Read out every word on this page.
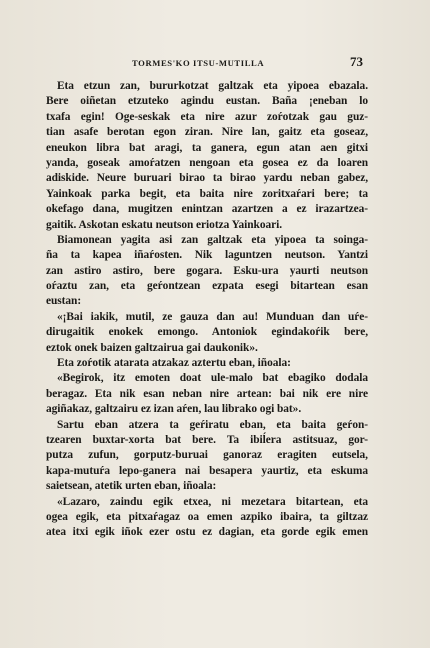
TORMES'KO ITSU-MUTILLA	73
Eta etzun zan, bururkotzat galtzak eta yipoea ebazala.
Bere oiñetan etzuteko agindu eustan. Baña ¡eneban lo
txafa egin! Oge-seskak eta nire azur zoŕotzak gau guz-
tian asafe berotan egon ziran. Nire lan, gaitz eta goseaz,
eneukon libra bat aragi, ta ganera, egun atan aen gitxi
yanda, goseak amoŕatzen nengoan eta gosea ez da loaren
adiskide. Neure buruari birao ta birao yardu neban gabez,
Yainkoak parka begit, eta baita nire zoritxaŕari bere; ta
okefago dana, mugitzen enintzan azartzen a ez irazartzea-
gaitik. Askotan eskatu neutson eriotza Yainkoari.
Biamonean yagita asi zan galtzak eta yipoea ta soinga-
ña ta kapea iñaŕosten. Nik laguntzen neutson. Yantzi
zan astiro astiro, bere gogara. Esku-ura yaurti neutson
oŕaztu zan, eta geŕontzean ezpata esegi bitartean esan
eustan:
«¡Bai iakik, mutil, ze gauza dan au! Munduan dan uŕe-
dirugaitik enokek emongo. Antoniok egindakoŕik bere,
eztok onek baizen galtzairua gai daukonik».
Eta zoŕotik atarata atzakaz aztertu eban, iñoala:
«Begirok, itz emoten doat ule-malo bat ebagiko dodala
beragaz. Eta nik esan neban nire artean: bai nik ere nire
agiñakaz, galtzairu ez izan aŕen, lau librako ogi bat».
Sartu eban atzera ta geŕiratu eban, eta baita geŕon-
tzearen buxtar-xorta bat bere. Ta ibiĺera astitsuaz, gor-
putza zufun, gorputz-buruai ganoraz eragiten eutsela,
kapa-mutuŕa lepo-ganera nai besapera yaurtiz, eta eskuma
saietsean, atetik urten eban, iñoala:
«Lazaro, zaindu egik etxea, ni mezetara bitartean, eta
ogea egik, eta pitxaŕagaz oa emen azpiko ibaira, ta giltzaz
atea itxi egik iñok ezer ostu ez dagian, eta gorde egik emen
